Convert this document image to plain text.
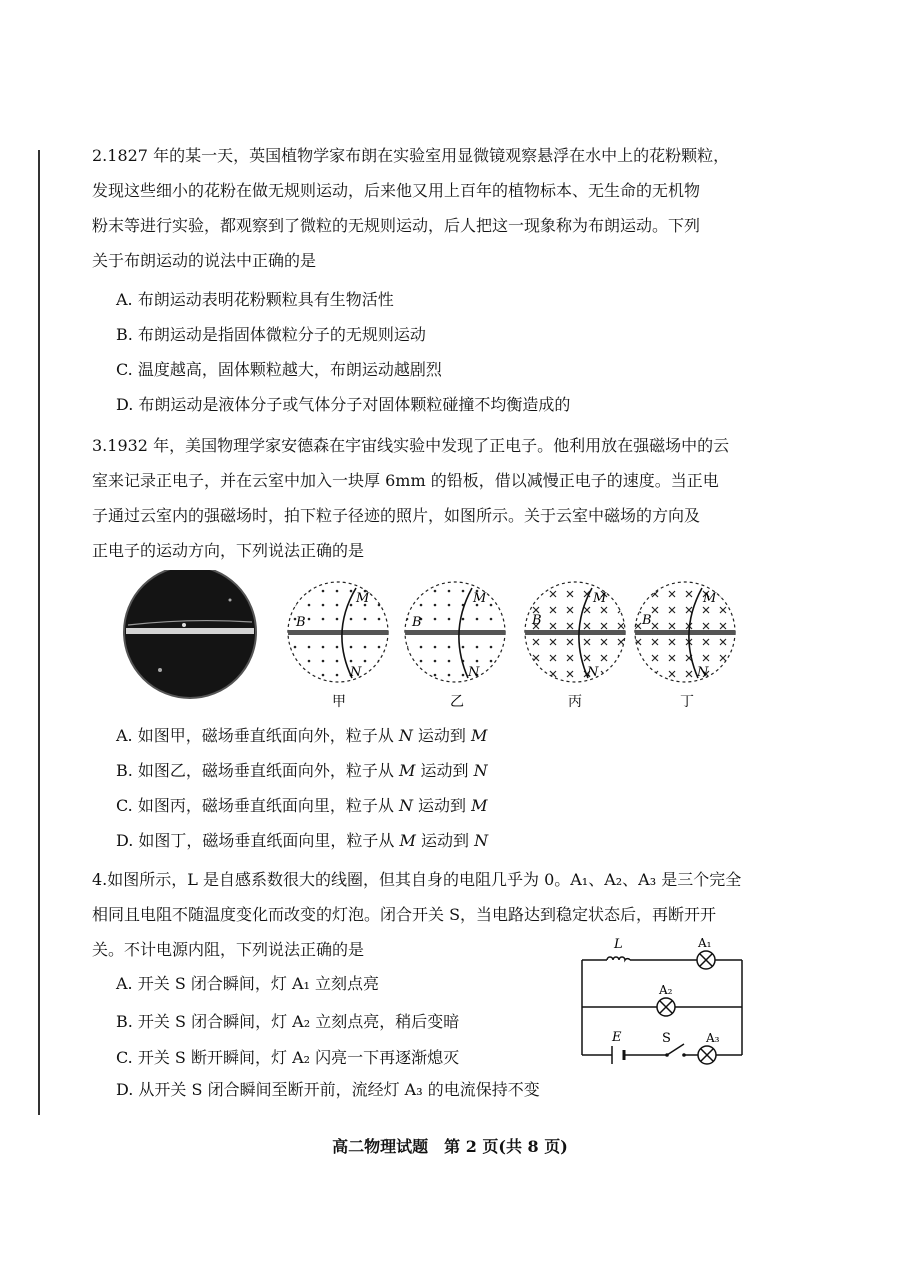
2.1827 年的某一天，英国植物学家布朗在实验室用显微镜观察悬浮在水中上的花粉颗粒，
发现这些细小的花粉在做无规则运动，后来他又用上百年的植物标本、无生命的无机物
粉末等进行实验，都观察到了微粒的无规则运动，后人把这一现象称为布朗运动。下列
关于布朗运动的说法中正确的是
A. 布朗运动表明花粉颗粒具有生物活性
B. 布朗运动是指固体微粒分子的无规则运动
C. 温度越高，固体颗粒越大，布朗运动越剧烈
D. 布朗运动是液体分子或气体分子对固体颗粒碰撞不均衡造成的
3.1932 年，美国物理学家安德森在宇宙线实验中发现了正电子。他利用放在强磁场中的云
室来记录正电子，并在云室中加入一块厚 6mm 的铅板，借以减慢正电子的速度。当正电
子通过云室内的强磁场时，拍下粒子径迹的照片，如图所示。关于云室中磁场的方向及
正电子的运动方向，下列说法正确的是
M
N
B
甲
M
N
B
乙
M
N
B
丙
M
N
B
丁
A. 如图甲，磁场垂直纸面向外，粒子从 N 运动到 M
B. 如图乙，磁场垂直纸面向外，粒子从 M 运动到 N
C. 如图丙，磁场垂直纸面向里，粒子从 N 运动到 M
D. 如图丁，磁场垂直纸面向里，粒子从 M 运动到 N
4.如图所示，L 是自感系数很大的线圈，但其自身的电阻几乎为 0。A₁、A₂、A₃ 是三个完全
相同且电阻不随温度变化而改变的灯泡。闭合开关 S，当电路达到稳定状态后，再断开开
关。不计电源内阻，下列说法正确的是
A. 开关 S 闭合瞬间，灯 A₁ 立刻点亮
B. 开关 S 闭合瞬间，灯 A₂ 立刻点亮，稍后变暗
C. 开关 S 断开瞬间，灯 A₂ 闪亮一下再逐渐熄灭
D. 从开关 S 闭合瞬间至断开前，流经灯 A₃ 的电流保持不变
L	A₁
A₂
A₃
E	S
高二物理试题　第 2 页(共 8 页)
